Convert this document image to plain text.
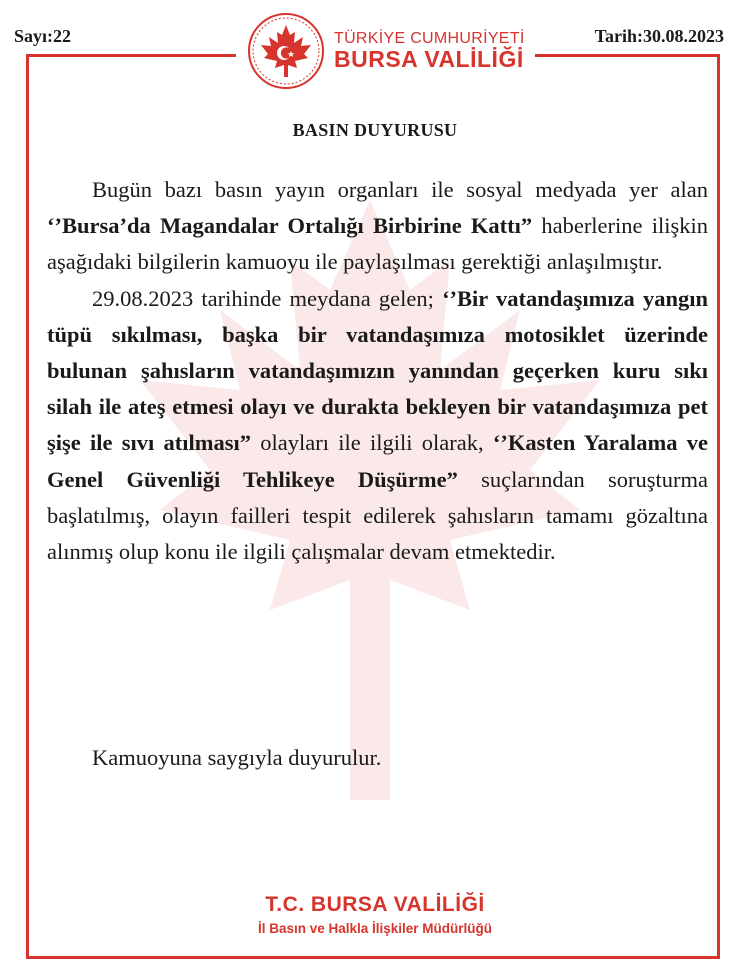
Sayı:22	Tarih:30.08.2023
TÜRKİYE CUMHURİYETİ
BURSA VALİLİĞİ
BASIN DUYURUSU

Bugün bazı basın yayın organları ile sosyal medyada yer alan ‘’Bursa’da Magandalar Ortalığı Birbirine Kattı” haberlerine ilişkin aşağıdaki bilgilerin kamuoyu ile paylaşılması gerektiği anlaşılmıştır.

29.08.2023 tarihinde meydana gelen; ‘’Bir vatandaşımıza yangın tüpü sıkılması, başka bir vatandaşımıza motosiklet üzerinde bulunan şahısların vatandaşımızın yanından geçerken kuru sıkı silah ile ateş etmesi olayı ve durakta bekleyen bir vatandaşımıza pet şişe ile sıvı atılması” olayları ile ilgili olarak, ‘’Kasten Yaralama ve Genel Güvenliği Tehlikeye Düşürme” suçlarından soruşturma başlatılmış, olayın failleri tespit edilerek şahısların tamamı gözaltına alınmış olup konu ile ilgili çalışmalar devam etmektedir.

Kamuoyuna saygıyla duyurulur.
T.C. BURSA VALİLİĞİ
İl Basın ve Halkla İlişkiler Müdürlüğü
